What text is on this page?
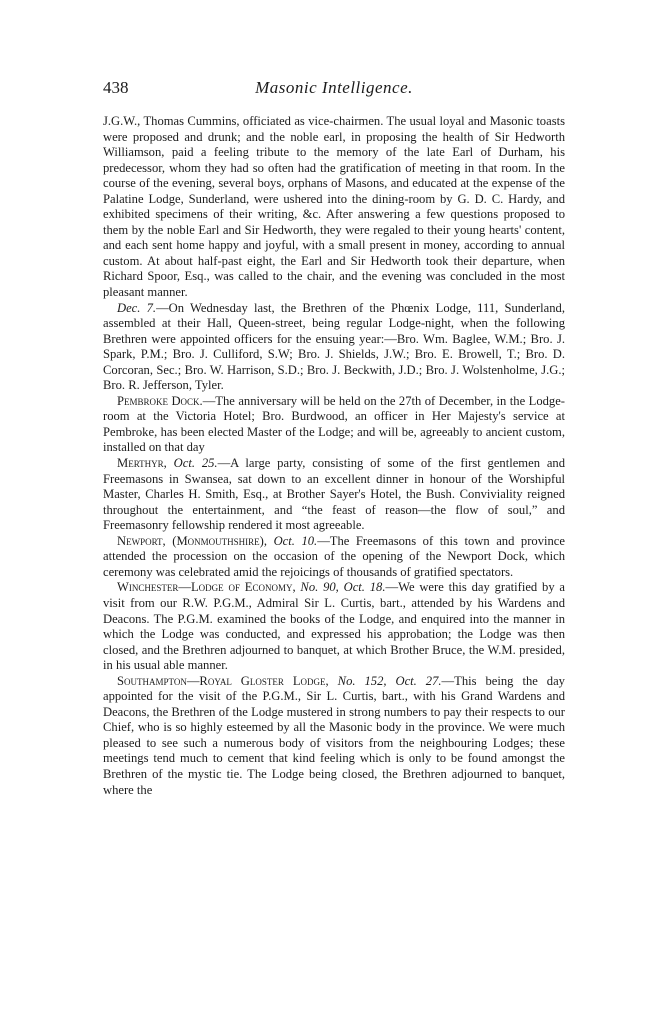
438	Masonic Intelligence.

J.G.W., Thomas Cummins, officiated as vice-chairmen. The usual loyal and Masonic toasts were proposed and drunk; and the noble earl, in proposing the health of Sir Hedworth Williamson, paid a feeling tribute to the memory of the late Earl of Durham, his predecessor, whom they had so often had the gratification of meeting in that room. In the course of the evening, several boys, orphans of Masons, and educated at the expense of the Palatine Lodge, Sunderland, were ushered into the dining-room by G. D. C. Hardy, and exhibited specimens of their writing, &c. After answering a few questions proposed to them by the noble Earl and Sir Hedworth, they were regaled to their young hearts' content, and each sent home happy and joyful, with a small present in money, according to annual custom. At about half-past eight, the Earl and Sir Hedworth took their departure, when Richard Spoor, Esq., was called to the chair, and the evening was concluded in the most pleasant manner.

Dec. 7.—On Wednesday last, the Brethren of the Phœnix Lodge, 111, Sunderland, assembled at their Hall, Queen-street, being regular Lodge-night, when the following Brethren were appointed officers for the ensuing year:—Bro. Wm. Baglee, W.M.; Bro. J. Spark, P.M.; Bro. J. Culliford, S.W; Bro. J. Shields, J.W.; Bro. E. Browell, T.; Bro. D. Corcoran, Sec.; Bro. W. Harrison, S.D.; Bro. J. Beckwith, J.D.; Bro. J. Wolstenholme, J.G.; Bro. R. Jefferson, Tyler.

Pembroke Dock.—The anniversary will be held on the 27th of December, in the Lodge-room at the Victoria Hotel; Bro. Burdwood, an officer in Her Majesty's service at Pembroke, has been elected Master of the Lodge; and will be, agreeably to ancient custom, installed on that day

Merthyr, Oct. 25.—A large party, consisting of some of the first gentlemen and Freemasons in Swansea, sat down to an excellent dinner in honour of the Worshipful Master, Charles H. Smith, Esq., at Brother Sayer's Hotel, the Bush. Conviviality reigned throughout the entertainment, and “the feast of reason—the flow of soul,” and Freemasonry fellowship rendered it most agreeable.

Newport, (Monmouthshire), Oct. 10.—The Freemasons of this town and province attended the procession on the occasion of the opening of the Newport Dock, which ceremony was celebrated amid the rejoicings of thousands of gratified spectators.

Winchester—Lodge of Economy, No. 90, Oct. 18.—We were this day gratified by a visit from our R.W. P.G.M., Admiral Sir L. Curtis, bart., attended by his Wardens and Deacons. The P.G.M. examined the books of the Lodge, and enquired into the manner in which the Lodge was conducted, and expressed his approbation; the Lodge was then closed, and the Brethren adjourned to banquet, at which Brother Bruce, the W.M. presided, in his usual able manner.

Southampton—Royal Gloster Lodge, No. 152, Oct. 27.—This being the day appointed for the visit of the P.G.M., Sir L. Curtis, bart., with his Grand Wardens and Deacons, the Brethren of the Lodge mustered in strong numbers to pay their respects to our Chief, who is so highly esteemed by all the Masonic body in the province. We were much pleased to see such a numerous body of visitors from the neighbouring Lodges; these meetings tend much to cement that kind feeling which is only to be found amongst the Brethren of the mystic tie. The Lodge being closed, the Brethren adjourned to banquet, where the
